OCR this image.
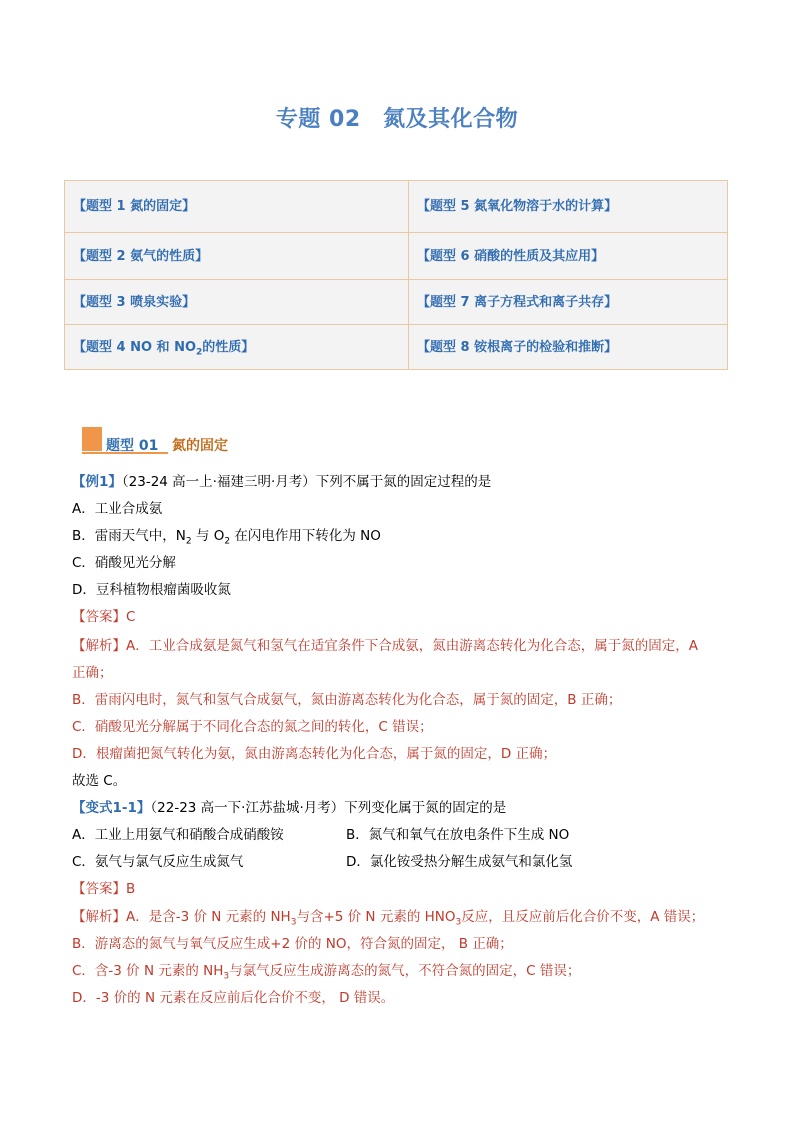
专题 02　氮及其化合物
【题型 1 氮的固定】	【题型 5 氮氧化物溶于水的计算】
【题型 2 氨气的性质】	【题型 6 硝酸的性质及其应用】
【题型 3 喷泉实验】	【题型 7 离子方程式和离子共存】
【题型 4 NO 和 $NO_2$的性质】	【题型 8 铵根离子的检验和推断】
题型 01 氮的固定
【例1】（23-24 高一上·福建三明·月考）下列不属于氮的固定过程的是
A．工业合成氨
B．雷雨天气中，$N_2$ 与 $O_2$ 在闪电作用下转化为 NO
C．硝酸见光分解
D．豆科植物根瘤菌吸收氮
【答案】C
【解析】A．工业合成氨是氮气和氢气在适宜条件下合成氨，氮由游离态转化为化合态，属于氮的固定，A
正确；
B．雷雨闪电时，氮气和氢气合成氨气，氮由游离态转化为化合态，属于氮的固定，B 正确；
C．硝酸见光分解属于不同化合态的氮之间的转化，C 错误；
D．根瘤菌把氮气转化为氨，氮由游离态转化为化合态，属于氮的固定，D 正确；
故选 C。
【变式1-1】（22-23 高一下·江苏盐城·月考）下列变化属于氮的固定的是
A．工业上用氨气和硝酸合成硝酸铵	B．氮气和氧气在放电条件下生成 NO
C．氨气与氯气反应生成氮气	D．氯化铵受热分解生成氨气和氯化氢
【答案】B
【解析】A．是含-3 价 N 元素的 $NH_3$与含+5 价 N 元素的 $HNO_3$反应，且反应前后化合价不变，A 错误；
B．游离态的氮气与氧气反应生成+2 价的 NO，符合氮的固定， B 正确；
C．含-3 价 N 元素的 $NH_3$与氯气反应生成游离态的氮气，不符合氮的固定，C 错误；
D．-3 价的 N 元素在反应前后化合价不变， D 错误。
